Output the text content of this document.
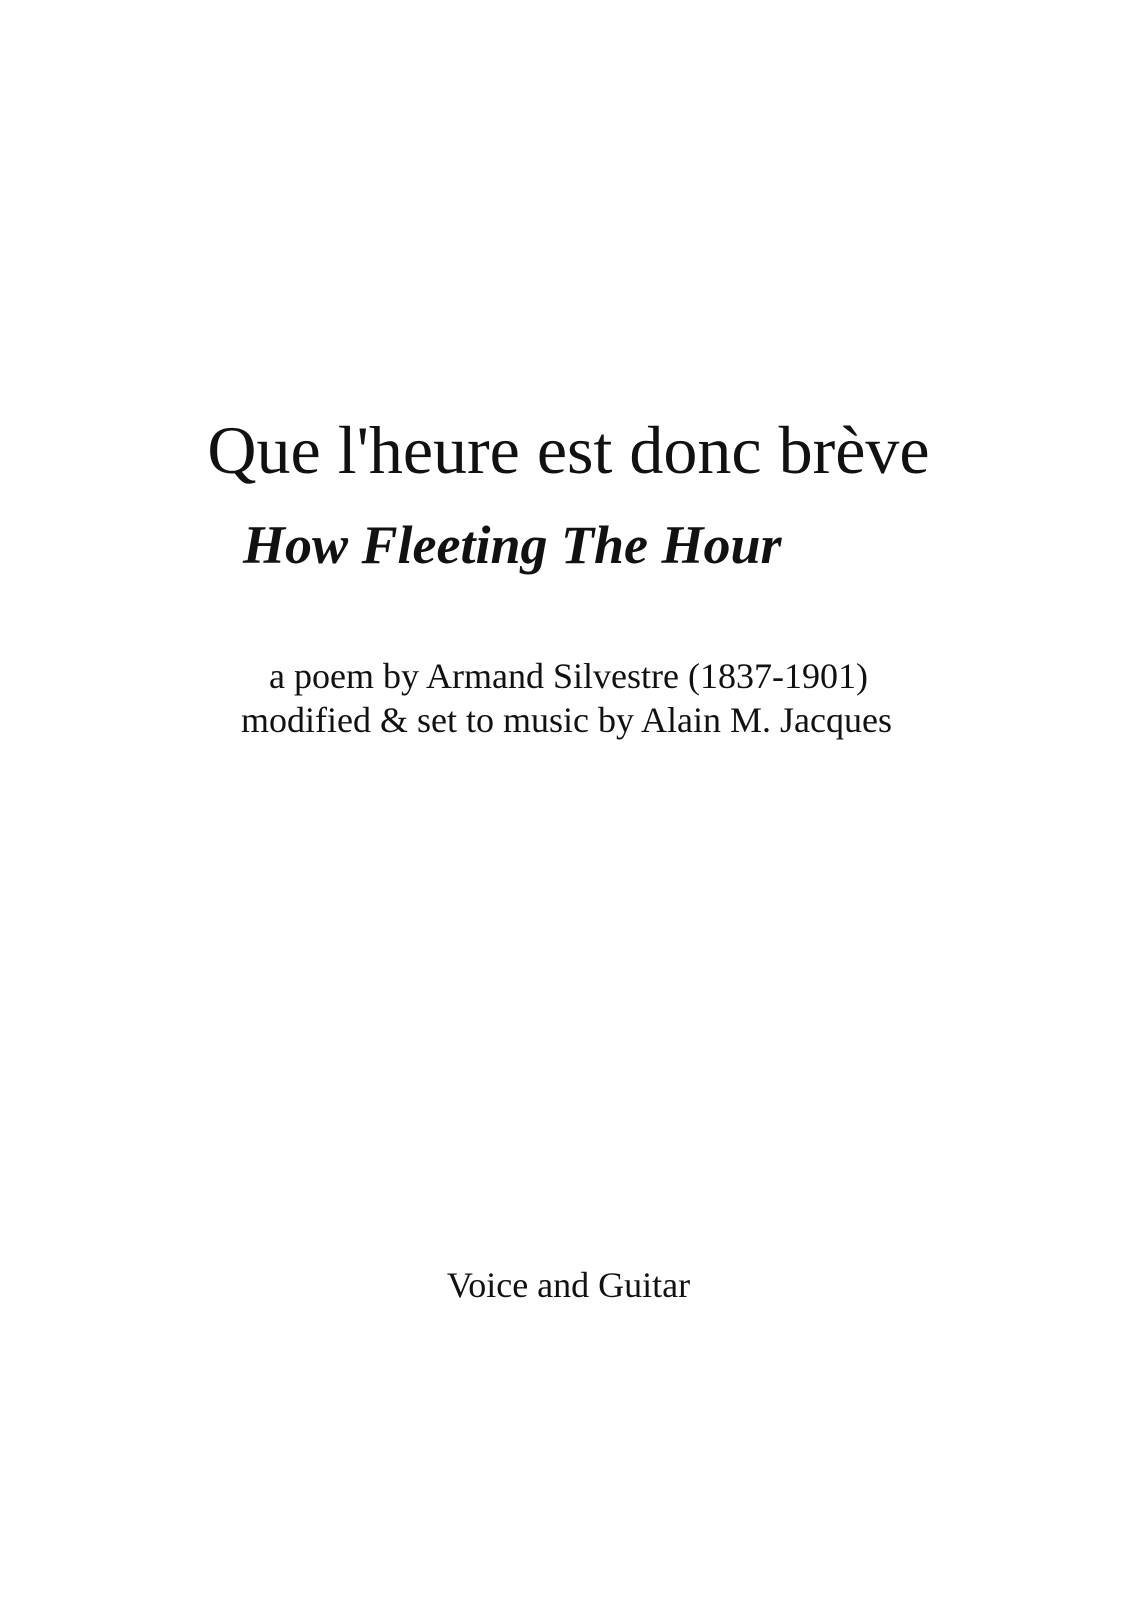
Que l'heure est donc brève
How Fleeting The Hour
a poem by Armand Silvestre (1837-1901)
modified & set to music by Alain M. Jacques
Voice and Guitar
